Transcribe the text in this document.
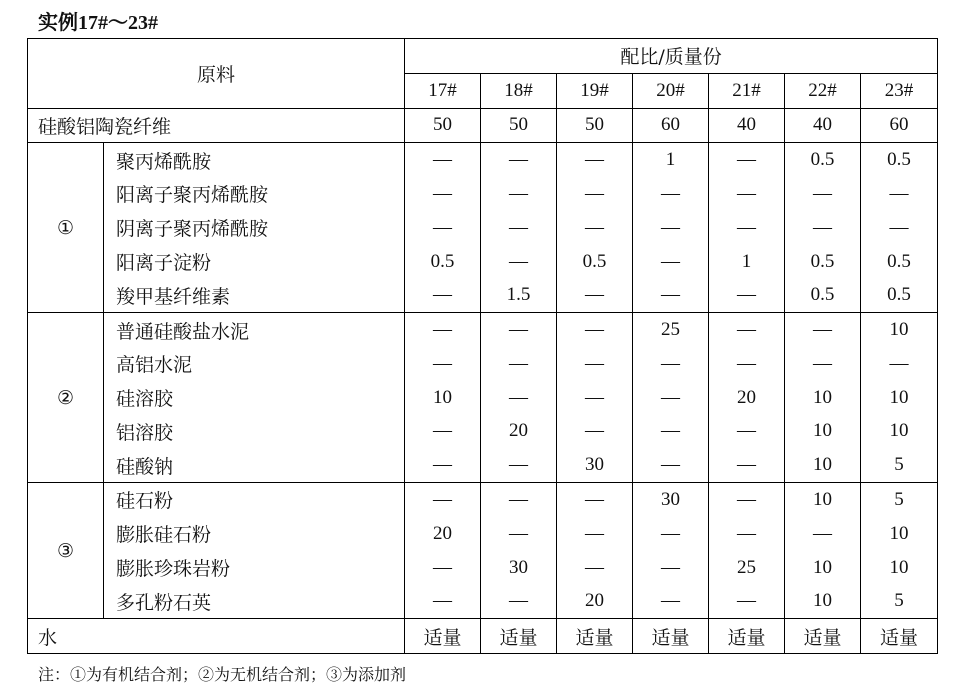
实例17#～23#
原料		配比/质量份						
		17#	18#	19#	20#	21#	22#	23#
硅酸铝陶瓷纤维		50	50	50	60	40	40	60
①	聚丙烯酰胺	—	—	—	1	—	0.5	0.5
	阳离子聚丙烯酰胺	—	—	—	—	—	—	—
	阴离子聚丙烯酰胺	—	—	—	—	—	—	—
	阳离子淀粉	0.5	—	0.5	—	1	0.5	0.5
	羧甲基纤维素	—	1.5	—	—	—	0.5	0.5
②	普通硅酸盐水泥	—	—	—	25	—	—	10
	高铝水泥	—	—	—	—	—	—	—
	硅溶胶	10	—	—	—	20	10	10
	铝溶胶	—	20	—	—	—	10	10
	硅酸钠	—	—	30	—	—	10	5
③	硅石粉	—	—	—	30	—	10	5
	膨胀硅石粉	20	—	—	—	—	—	10
	膨胀珍珠岩粉	—	30	—	—	25	10	10
	多孔粉石英	—	—	20	—	—	10	5
水		适量	适量	适量	适量	适量	适量	适量
注：①为有机结合剂；②为无机结合剂；③为添加剂
